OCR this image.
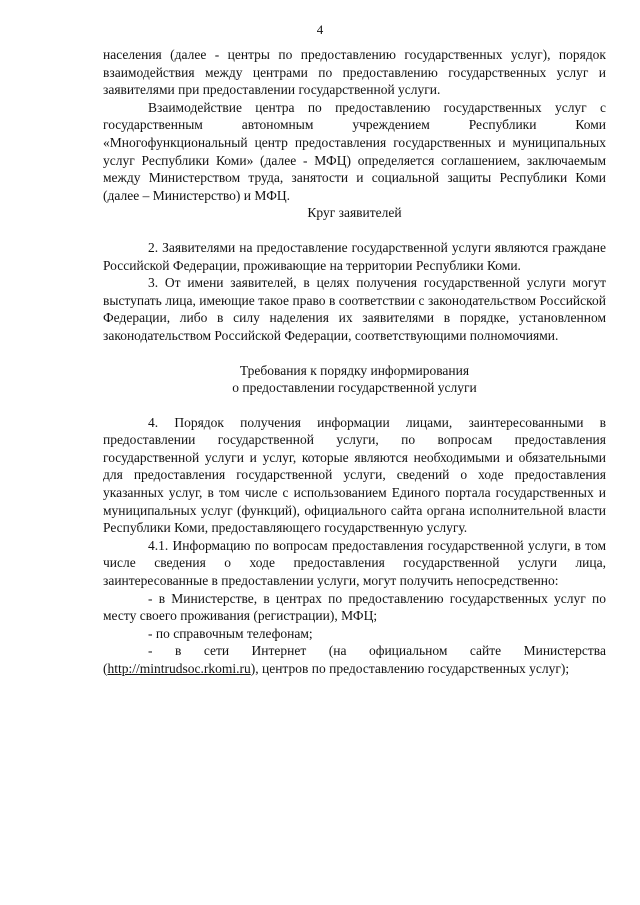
4

населения (далее - центры по предоставлению государственных услуг), порядок взаимодействия между центрами по предоставлению государственных услуг и заявителями при предоставлении государственной услуги.

Взаимодействие центра по предоставлению государственных услуг с государственным автономным учреждением Республики Коми «Многофункциональный центр предоставления государственных и муниципальных услуг Республики Коми» (далее - МФЦ) определяется соглашением, заключаемым между Министерством труда, занятости и социальной защиты Республики Коми (далее – Министерство) и МФЦ.

Круг заявителей

2. Заявителями на предоставление государственной услуги являются граждане Российской Федерации, проживающие на территории Республики Коми.

3. От имени заявителей, в целях получения государственной услуги могут выступать лица, имеющие такое право в соответствии с законодательством Российской Федерации, либо в силу наделения их заявителями в порядке, установленном законодательством Российской Федерации, соответствующими полномочиями.

Требования к порядку информирования

о предоставлении государственной услуги

4. Порядок получения информации лицами, заинтересованными в предоставлении государственной услуги, по вопросам предоставления государственной услуги и услуг, которые являются необходимыми и обязательными для предоставления государственной услуги, сведений о ходе предоставления указанных услуг, в том числе с использованием Единого портала государственных и муниципальных услуг (функций), официального сайта органа исполнительной власти Республики Коми, предоставляющего государственную услугу.

4.1. Информацию по вопросам предоставления государственной услуги, в том числе сведения о ходе предоставления государственной услуги лица, заинтересованные в предоставлении услуги, могут получить непосредственно:

- в Министерстве, в центрах по предоставлению государственных услуг по месту своего проживания (регистрации), МФЦ;

- по справочным телефонам;

- в сети Интернет (на официальном сайте Министерства (http://mintrudsoc.rkomi.ru), центров по предоставлению государственных услуг);
